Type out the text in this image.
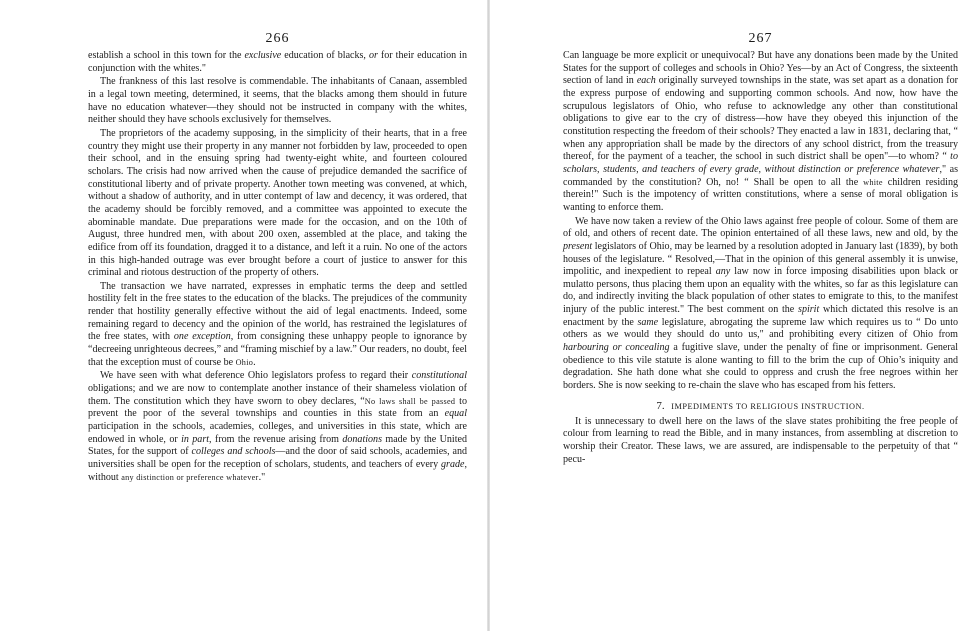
266

establish a school in this town for the exclusive education of blacks, or for their education in conjunction with the whites."

The frankness of this last resolve is commendable. The inhabitants of Canaan, assembled in a legal town meeting, determined, it seems, that the blacks among them should in future have no education whatever—they should not be instructed in company with the whites, neither should they have schools exclusively for themselves.

The proprietors of the academy supposing, in the simplicity of their hearts, that in a free country they might use their property in any manner not forbidden by law, proceeded to open their school, and in the ensuing spring had twenty-eight white, and fourteen coloured scholars. The crisis had now arrived when the cause of prejudice demanded the sacrifice of constitutional liberty and of private property. Another town meeting was convened, at which, without a shadow of authority, and in utter contempt of law and decency, it was ordered, that the academy should be forcibly removed, and a committee was appointed to execute the abominable mandate. Due preparations were made for the occasion, and on the 10th of August, three hundred men, with about 200 oxen, assembled at the place, and taking the edifice from off its foundation, dragged it to a distance, and left it a ruin. No one of the actors in this high-handed outrage was ever brought before a court of justice to answer for this criminal and riotous destruction of the property of others.

The transaction we have narrated, expresses in emphatic terms the deep and settled hostility felt in the free states to the education of the blacks. The prejudices of the community render that hostility generally effective without the aid of legal enactments. Indeed, some remaining regard to decency and the opinion of the world, has restrained the legislatures of the free states, with one exception, from consigning these unhappy people to ignorance by “decreeing unrighteous decrees,” and “framing mischief by a law.” Our readers, no doubt, feel that the exception must of course be Ohio.

We have seen with what deference Ohio legislators profess to regard their constitutional obligations; and we are now to contemplate another instance of their shameless violation of them. The constitution which they have sworn to obey declares, “No laws shall be passed to prevent the poor of the several townships and counties in this state from an equal participation in the schools, academies, colleges, and universities in this state, which are endowed in whole, or in part, from the revenue arising from donations made by the United States, for the support of colleges and schools—and the door of said schools, academies, and universities shall be open for the reception of scholars, students, and teachers of every grade, without any distinction or preference whatever."

267

Can language be more explicit or unequivocal? But have any donations been made by the United States for the support of colleges and schools in Ohio? Yes—by an Act of Congress, the sixteenth section of land in each originally surveyed townships in the state, was set apart as a donation for the express purpose of endowing and supporting common schools. And now, how have the scrupulous legislators of Ohio, who refuse to acknowledge any other than constitutional obligations to give ear to the cry of distress—how have they obeyed this injunction of the constitution respecting the freedom of their schools? They enacted a law in 1831, declaring that, “ when any appropriation shall be made by the directors of any school district, from the treasury thereof, for the payment of a teacher, the school in such district shall be open"—to whom? “ to scholars, students, and teachers of every grade, without distinction or preference whatever," as commanded by the constitution? Oh, no! “ Shall be open to all the white children residing therein!" Such is the impotency of written constitutions, where a sense of moral obligation is wanting to enforce them.

We have now taken a review of the Ohio laws against free people of colour. Some of them are of old, and others of recent date. The opinion entertained of all these laws, new and old, by the present legislators of Ohio, may be learned by a resolution adopted in January last (1839), by both houses of the legislature. “ Resolved,—That in the opinion of this general assembly it is unwise, impolitic, and inexpedient to repeal any law now in force imposing disabilities upon black or mulatto persons, thus placing them upon an equality with the whites, so far as this legislature can do, and indirectly inviting the black population of other states to emigrate to this, to the manifest injury of the public interest." The best comment on the spirit which dictated this resolve is an enactment by the same legislature, abrogating the supreme law which requires us to “ Do unto others as we would they should do unto us," and prohibiting every citizen of Ohio from harbouring or concealing a fugitive slave, under the penalty of fine or imprisonment. General obedience to this vile statute is alone wanting to fill to the brim the cup of Ohio’s iniquity and degradation. She hath done what she could to oppress and crush the free negroes within her borders. She is now seeking to re-chain the slave who has escaped from his fetters.

7. IMPEDIMENTS TO RELIGIOUS INSTRUCTION.

It is unnecessary to dwell here on the laws of the slave states prohibiting the free people of colour from learning to read the Bible, and in many instances, from assembling at discretion to worship their Creator. These laws, we are assured, are indispensable to the perpetuity of that “ pecu-
